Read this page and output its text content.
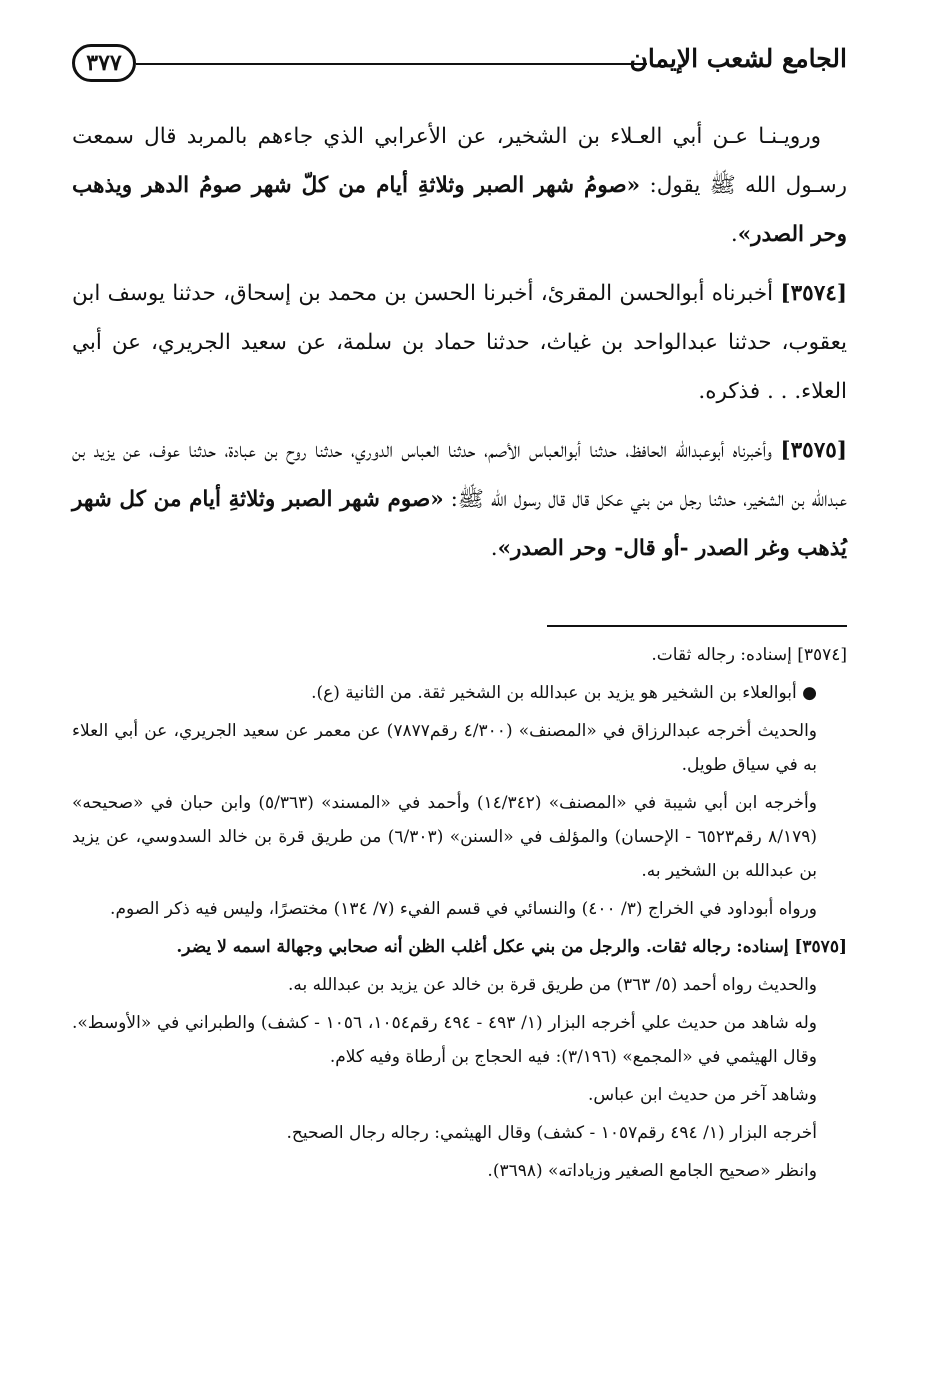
٣٧٧	الجامع لشعب الإيمان

ورويـنـا عـن أبي العـلاء بن الشخير، عن الأعرابي الذي جاءهم بالمربد قال سمعت رسـول الله ﷺ يقول: «صومُ شهر الصبر وثلاثةِ أيام من كلّ شهر صومُ الدهر ويذهب وحر الصدر».

[٣٥٧٤] أخبرناه أبوالحسن المقرئ، أخبرنا الحسن بن محمد بن إسحاق، حدثنا يوسف ابن يعقوب، حدثنا عبدالواحد بن غياث، حدثنا حماد بن سلمة، عن سعيد الجريري، عن أبي العلاء. . . فذكره.

[٣٥٧٥] وأخبرناه أبوعبدالله الحافظ، حدثنا أبوالعباس الأصم، حدثنا العباس الدوري، حدثنا روح بن عبادة، حدثنا عوف، عن يزيد بن عبدالله بن الشخير، حدثنا رجل من بني عكل قال قال رسول الله ﷺ: «صوم شهر الصبر وثلاثةِ أيام من كل شهر يُذهب وغر الصدر -أو قال- وحر الصدر».

[٣٥٧٤] إسناده: رجاله ثقات.

● أبوالعلاء بن الشخير هو يزيد بن عبدالله بن الشخير ثقة. من الثانية (ع).

والحديث أخرجه عبدالرزاق في «المصنف» (٤/٣٠٠ رقم٧٨٧٧) عن معمر عن سعيد الجريري، عن أبي العلاء به في سياق طويل.

وأخرجه ابن أبي شيبة في «المصنف» (١٤/٣٤٢) وأحمد في «المسند» (٥/٣٦٣) وابن حبان في «صحيحه» (٨/١٧٩ رقم٦٥٢٣ - الإحسان) والمؤلف في «السنن» (٦/٣٠٣) من طريق قرة بن خالد السدوسي، عن يزيد بن عبدالله بن الشخير به.

ورواه أبوداود في الخراج (٣/ ٤٠٠) والنسائي في قسم الفيء (٧/ ١٣٤) مختصرًا، وليس فيه ذكر الصوم.

[٣٥٧٥] إسناده: رجاله ثقات. والرجل من بني عكل أغلب الظن أنه صحابي وجهالة اسمه لا يضر.

والحديث رواه أحمد (٥/ ٣٦٣) من طريق قرة بن خالد عن يزيد بن عبدالله به.

وله شاهد من حديث علي أخرجه البزار (١/ ٤٩٣ - ٤٩٤ رقم١٠٥٤، ١٠٥٦ - كشف) والطبراني في «الأوسط». وقال الهيثمي في «المجمع» (٣/١٩٦): فيه الحجاج بن أرطاة وفيه كلام.

وشاهد آخر من حديث ابن عباس.

أخرجه البزار (١/ ٤٩٤ رقم١٠٥٧ - كشف) وقال الهيثمي: رجاله رجال الصحيح.

وانظر «صحيح الجامع الصغير وزياداته» (٣٦٩٨).
